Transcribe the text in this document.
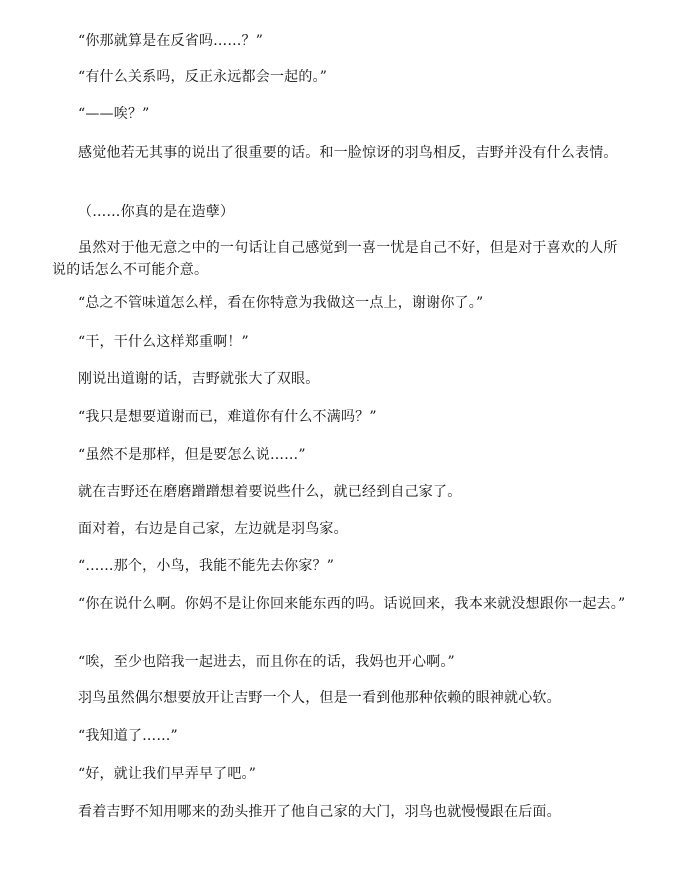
“你那就算是在反省吗……？”

“有什么关系吗，反正永远都会一起的。”

“——唉？”

感觉他若无其事的说出了很重要的话。和一脸惊讶的羽鸟相反，吉野并没有什么表情。

（……你真的是在造孽）

虽然对于他无意之中的一句话让自己感觉到一喜一忧是自己不好，但是对于喜欢的人所说的话怎么不可能介意。

“总之不管味道怎么样，看在你特意为我做这一点上，谢谢你了。”

“干，干什么这样郑重啊！”

刚说出道谢的话，吉野就张大了双眼。

“我只是想要道谢而已，难道你有什么不满吗？”

“虽然不是那样，但是要怎么说……”

就在吉野还在磨磨蹭蹭想着要说些什么，就已经到自己家了。

面对着，右边是自己家，左边就是羽鸟家。

“……那个，小鸟，我能不能先去你家？”

“你在说什么啊。你妈不是让你回来能东西的吗。话说回来，我本来就没想跟你一起去。”

“唉，至少也陪我一起进去，而且你在的话，我妈也开心啊。”

羽鸟虽然偶尔想要放开让吉野一个人，但是一看到他那种依赖的眼神就心软。

“我知道了……”

“好，就让我们早弄早了吧。”

看着吉野不知用哪来的劲头推开了他自己家的大门，羽鸟也就慢慢跟在后面。
